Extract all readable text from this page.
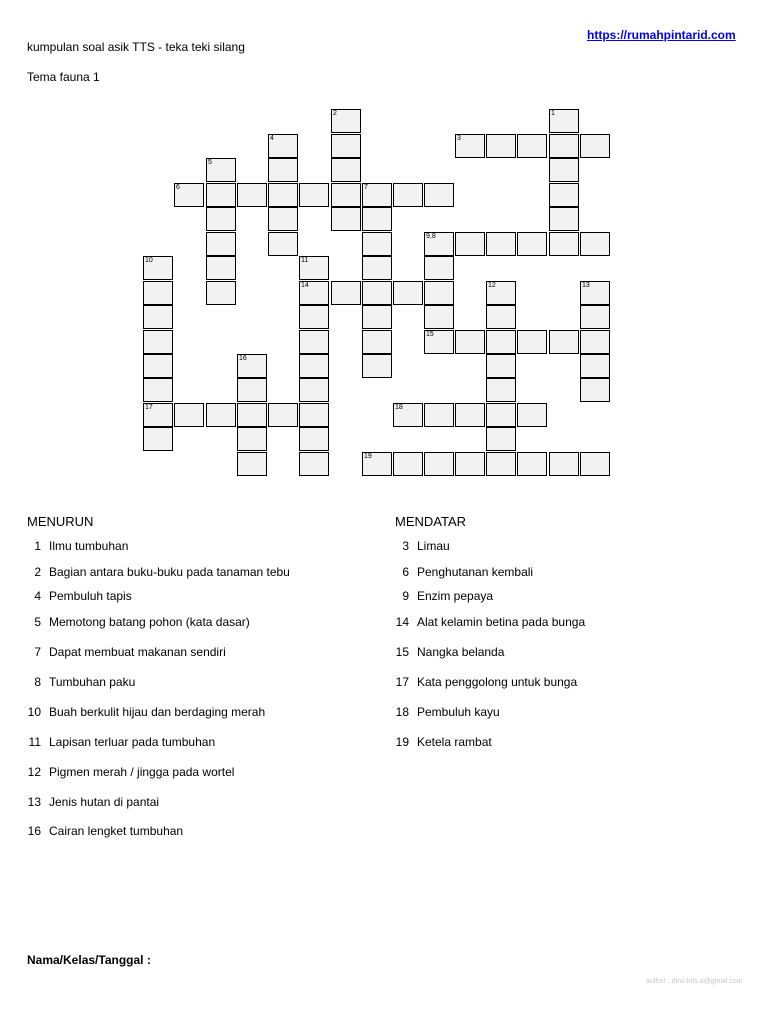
kumpulan soal asik TTS - teka teki silang
Tema fauna 1
https://rumahpintarid.com
2	1
4	3
5
6	7
9,8
15
10
17
11
14	12	13
16
18
19
MENURUN
1 Ilmu tumbuhan
2 Bagian antara buku-buku pada tanaman tebu
4 Pembuluh tapis
5 Memotong batang pohon (kata dasar)
7 Dapat membuat makanan sendiri
8 Tumbuhan paku
10 Buah berkulit hijau dan berdaging merah
11 Lapisan terluar pada tumbuhan
12 Pigmen merah / jingga pada wortel
13 Jenis hutan di pantai
16 Cairan lengket tumbuhan
MENDATAR
3 Limau
6 Penghutanan kembali
9 Enzim pepaya
14 Alat kelamin betina pada bunga
15 Nangka belanda
17 Kata penggolong untuk bunga
18 Pembuluh kayu
19 Ketela rambat
Nama/Kelas/Tanggal :
author : dino.kris.a@gmail.com
